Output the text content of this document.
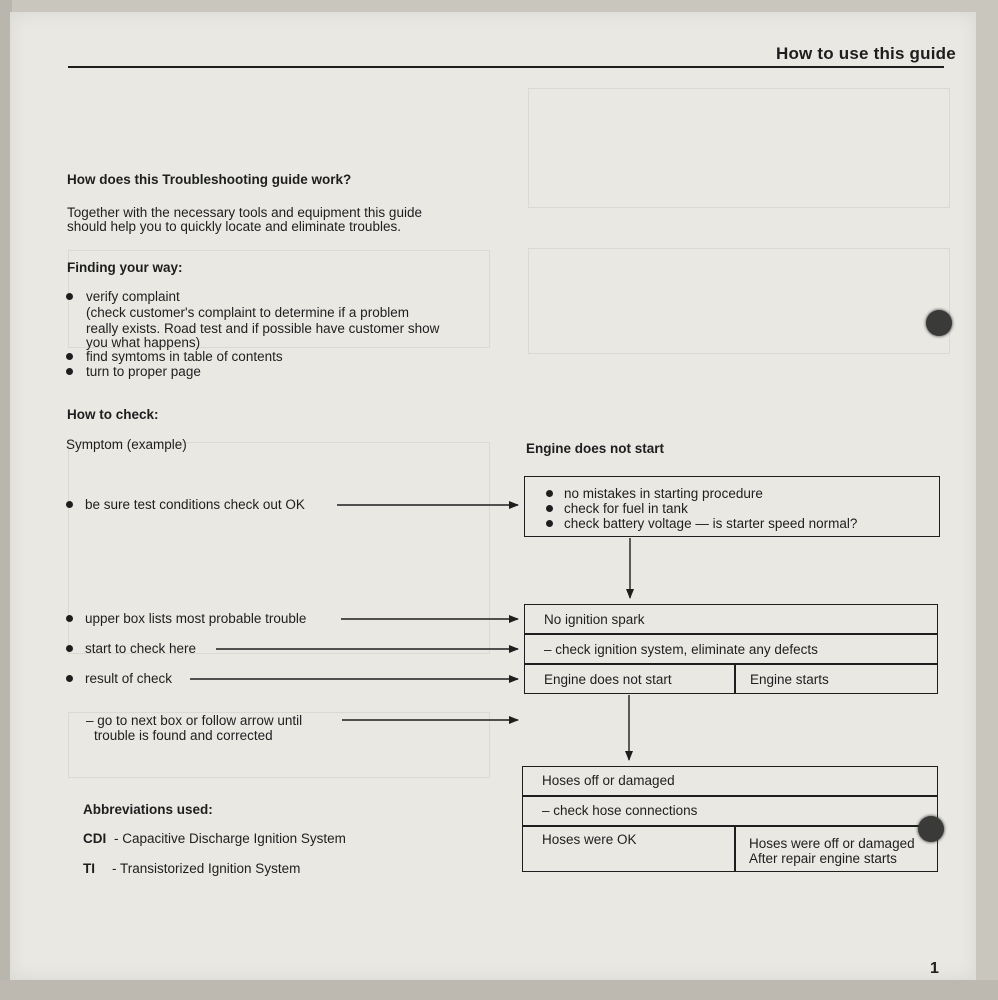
How to use this guide
How does this Troubleshooting guide work?
Together with the necessary tools and equipment this guide
should help you to quickly locate and eliminate troubles.
Finding your way:
verify complaint
(check customer's complaint to determine if a problem
really exists. Road test and if possible have customer show
you what happens)
find symtoms in table of contents
turn to proper page
How to check:
Symptom (example)	Engine does not start
be sure test conditions check out OK
upper box lists most probable trouble
start to check here
result of check
– go to next box or follow arrow until
trouble is found and corrected
no mistakes in starting procedure
check for fuel in tank
check battery voltage — is starter speed normal?
No ignition spark
– check ignition system, eliminate any defects
Engine does not start	Engine starts
Hoses off or damaged
– check hose connections
Hoses were OK	Hoses were off or damaged
After repair engine starts
Abbreviations used:
CDI - Capacitive Discharge Ignition System
TI - Transistorized Ignition System
1
